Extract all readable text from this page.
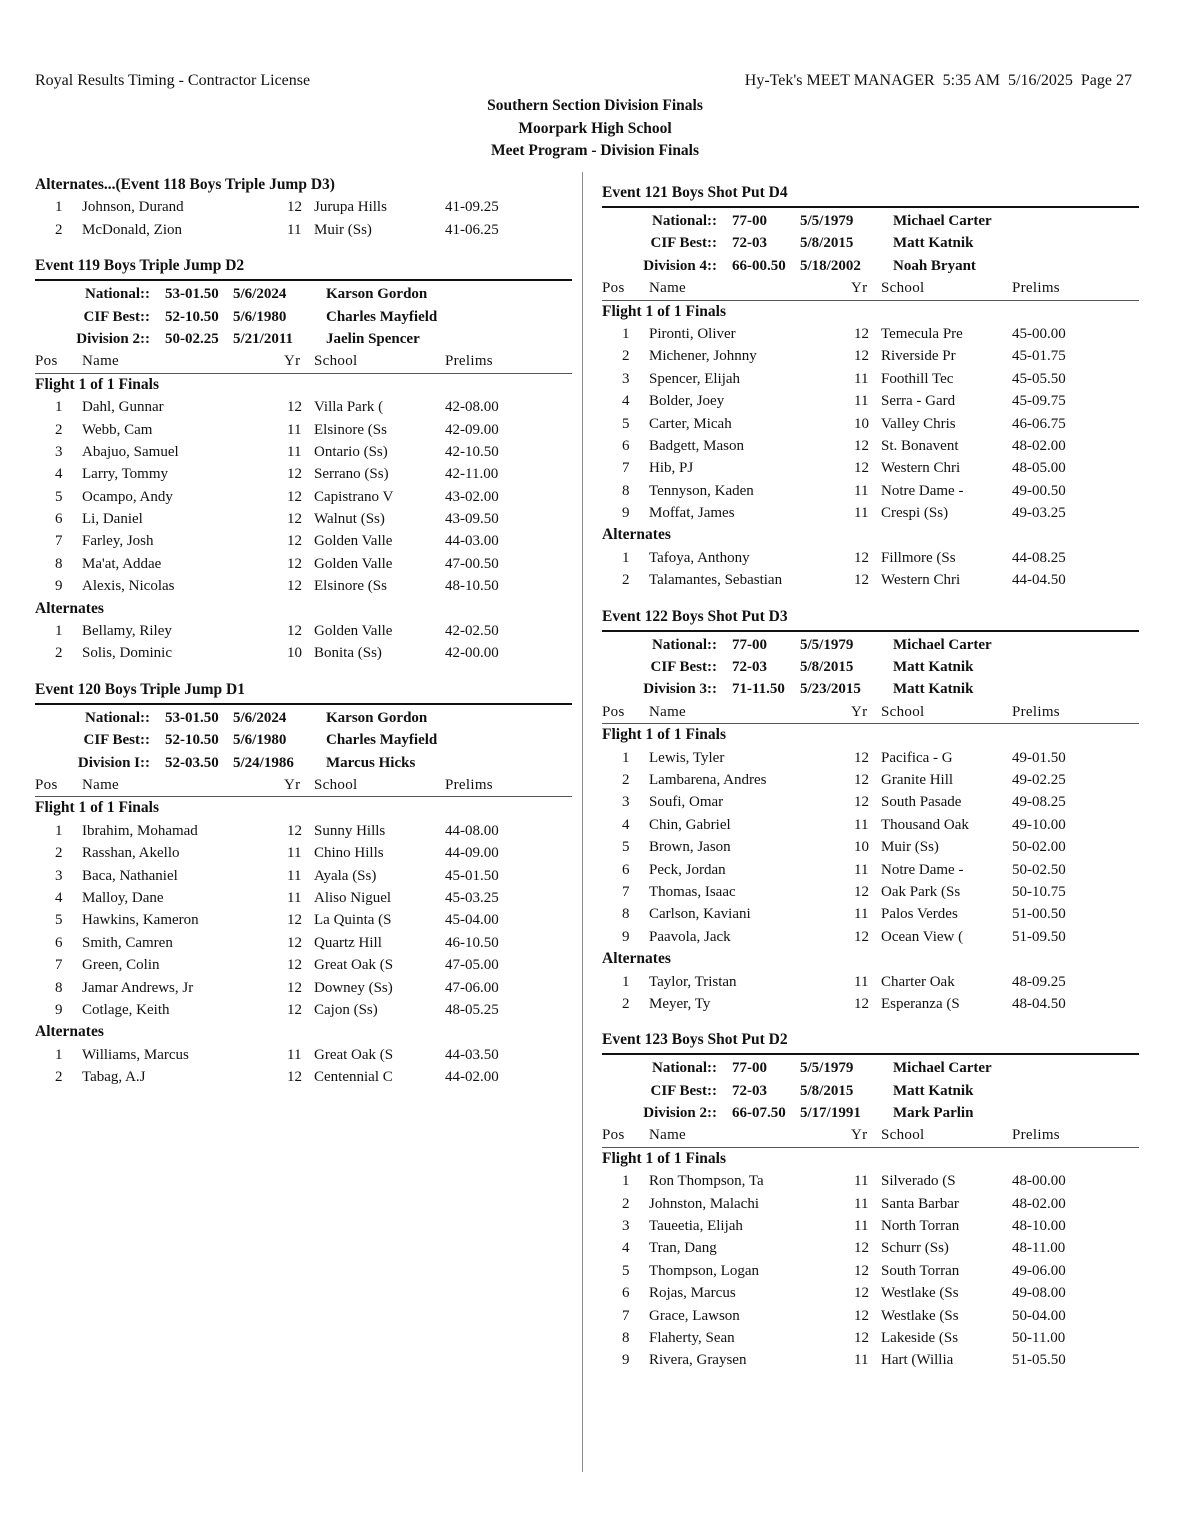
Royal Results Timing - Contractor License	Hy-Tek's MEET MANAGER  5:35 AM  5/16/2025  Page 27
Southern Section Division Finals
Moorpark High School
Meet Program - Division Finals
Alternates...(Event 118 Boys Triple Jump D3)
1 Johnson, Durand	12 Jurupa Hills	41-09.25
2 McDonald, Zion	11 Muir (Ss)	41-06.25
Event 119 Boys Triple Jump D2
National:: 53-01.50 5/6/2024	Karson Gordon
CIF Best:: 52-10.50 5/6/1980	Charles Mayfield
Division 2:: 50-02.25 5/21/2011 Jaelin Spencer
Pos Name	Yr School	Prelims
Flight 1 of 1 Finals
1 Dahl, Gunnar	12 Villa Park (	42-08.00
2 Webb, Cam	11 Elsinore (Ss	42-09.00
3 Abajuo, Samuel	11 Ontario (Ss)	42-10.50
4 Larry, Tommy	12 Serrano (Ss)	42-11.00
5 Ocampo, Andy	12 Capistrano V	43-02.00
6 Li, Daniel	12 Walnut (Ss)	43-09.50
7 Farley, Josh	12 Golden Valle	44-03.00
8 Ma'at, Addae	12 Golden Valle	47-00.50
9 Alexis, Nicolas	12 Elsinore (Ss	48-10.50
Alternates
1 Bellamy, Riley	12 Golden Valle	42-02.50
2 Solis, Dominic	10 Bonita (Ss)	42-00.00
Event 120 Boys Triple Jump D1
National:: 53-01.50 5/6/2024	Karson Gordon
CIF Best:: 52-10.50 5/6/1980	Charles Mayfield
Division I:: 52-03.50 5/24/1986 Marcus Hicks
Pos Name	Yr School	Prelims
Flight 1 of 1 Finals
1 Ibrahim, Mohamad	12 Sunny Hills	44-08.00
2 Rasshan, Akello	11 Chino Hills	44-09.00
3 Baca, Nathaniel	11 Ayala (Ss)	45-01.50
4 Malloy, Dane	11 Aliso Niguel	45-03.25
5 Hawkins, Kameron	12 La Quinta (S	45-04.00
6 Smith, Camren	12 Quartz Hill	46-10.50
7 Green, Colin	12 Great Oak (S	47-05.00
8 Jamar Andrews, Jr	12 Downey (Ss)	47-06.00
9 Cotlage, Keith	12 Cajon (Ss)	48-05.25
Alternates
1 Williams, Marcus	11 Great Oak (S	44-03.50
2 Tabag, A.J	12 Centennial C	44-02.00
Event 121 Boys Shot Put D4
National:: 77-00 5/5/1979	Michael Carter
CIF Best:: 72-03 5/8/2015	Matt Katnik
Division 4:: 66-00.50 5/18/2002 Noah Bryant
Pos Name	Yr School	Prelims
Flight 1 of 1 Finals
1 Pironti, Oliver	12 Temecula Pre	45-00.00
2 Michener, Johnny	12 Riverside Pr	45-01.75
3 Spencer, Elijah	11 Foothill Tec	45-05.50
4 Bolder, Joey	11 Serra - Gard	45-09.75
5 Carter, Micah	10 Valley Chris	46-06.75
6 Badgett, Mason	12 St. Bonavent	48-02.00
7 Hib, PJ	12 Western Chri	48-05.00
8 Tennyson, Kaden	11 Notre Dame -	49-00.50
9 Moffat, James	11 Crespi (Ss)	49-03.25
Alternates
1 Tafoya, Anthony	12 Fillmore (Ss	44-08.25
2 Talamantes, Sebastian	12 Western Chri	44-04.50
Event 122 Boys Shot Put D3
National:: 77-00 5/5/1979	Michael Carter
CIF Best:: 72-03 5/8/2015	Matt Katnik
Division 3:: 71-11.50 5/23/2015 Matt Katnik
Pos Name	Yr School	Prelims
Flight 1 of 1 Finals
1 Lewis, Tyler	12 Pacifica - G	49-01.50
2 Lambarena, Andres	12 Granite Hill	49-02.25
3 Soufi, Omar	12 South Pasade	49-08.25
4 Chin, Gabriel	11 Thousand Oak	49-10.00
5 Brown, Jason	10 Muir (Ss)	50-02.00
6 Peck, Jordan	11 Notre Dame -	50-02.50
7 Thomas, Isaac	12 Oak Park (Ss	50-10.75
8 Carlson, Kaviani	11 Palos Verdes	51-00.50
9 Paavola, Jack	12 Ocean View (	51-09.50
Alternates
1 Taylor, Tristan	11 Charter Oak	48-09.25
2 Meyer, Ty	12 Esperanza (S	48-04.50
Event 123 Boys Shot Put D2
National:: 77-00 5/5/1979	Michael Carter
CIF Best:: 72-03 5/8/2015	Matt Katnik
Division 2:: 66-07.50 5/17/1991 Mark Parlin
Pos Name	Yr School	Prelims
Flight 1 of 1 Finals
1 Ron Thompson, Ta	11 Silverado (S	48-00.00
2 Johnston, Malachi	11 Santa Barbar	48-02.00
3 Taueetia, Elijah	11 North Torran	48-10.00
4 Tran, Dang	12 Schurr (Ss)	48-11.00
5 Thompson, Logan	12 South Torran	49-06.00
6 Rojas, Marcus	12 Westlake (Ss	49-08.00
7 Grace, Lawson	12 Westlake (Ss	50-04.00
8 Flaherty, Sean	12 Lakeside (Ss	50-11.00
9 Rivera, Graysen	11 Hart (Willia	51-05.50
